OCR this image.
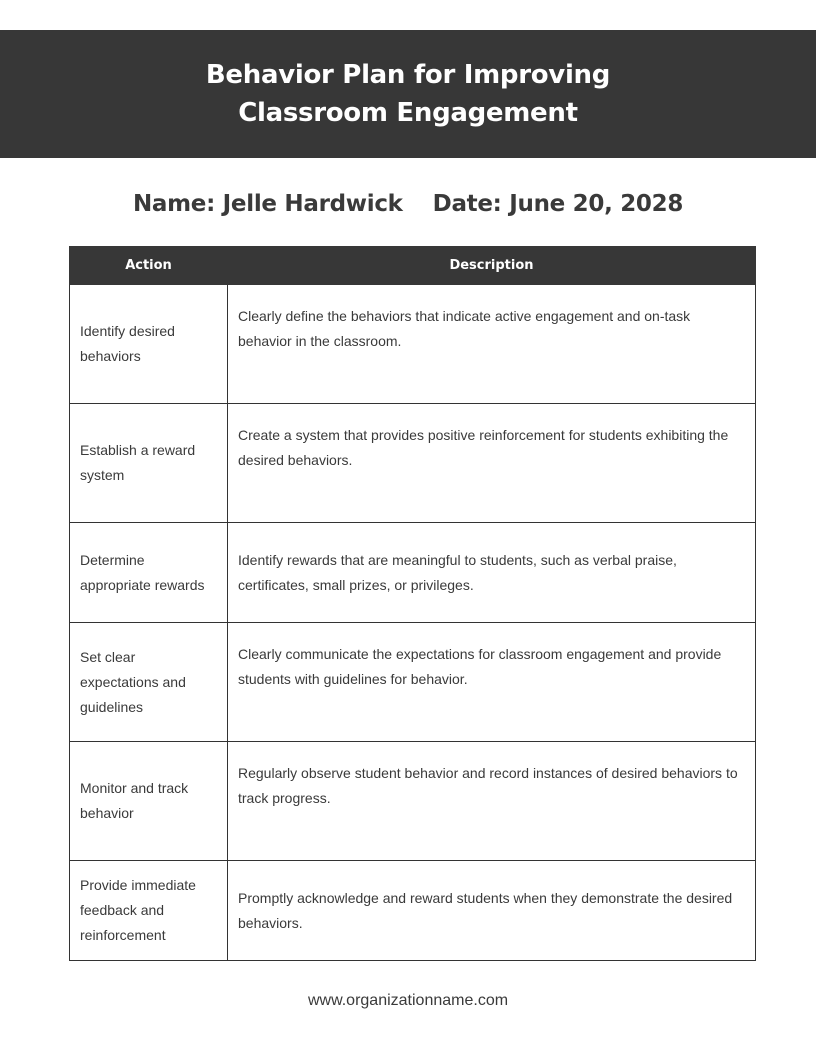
Behavior Plan for Improving
Classroom Engagement
Name: Jelle Hardwick Date: June 20, 2028
Action	Description
Identify desired behaviors	Clearly define the behaviors that indicate active engagement and on-task behavior in the classroom.
Establish a reward system	Create a system that provides positive reinforcement for students exhibiting the desired behaviors.
Determine appropriate rewards	Identify rewards that are meaningful to students, such as verbal praise, certificates, small prizes, or privileges.
Set clear expectations and guidelines	Clearly communicate the expectations for classroom engagement and provide students with guidelines for behavior.
Monitor and track behavior	Regularly observe student behavior and record instances of desired behaviors to track progress.
Provide immediate feedback and reinforcement	Promptly acknowledge and reward students when they demonstrate the desired behaviors.
www.organizationname.com
